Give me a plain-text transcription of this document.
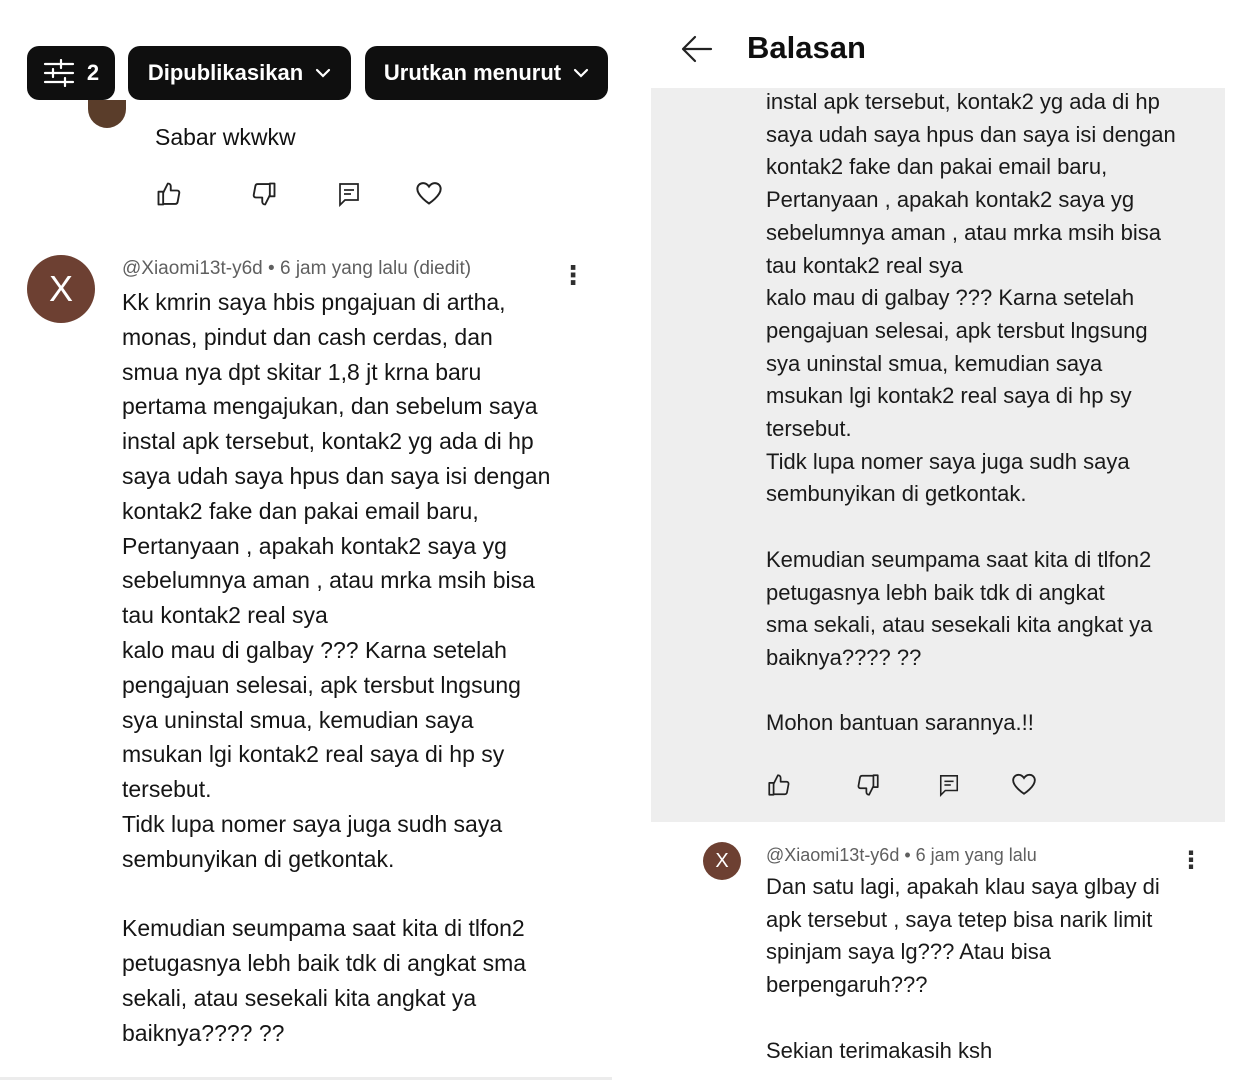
2 Dipublikasikan	Urutkan menurut
Sabar wkwkw
X	@Xiaomi13t-y6d • 6 jam yang lalu (diedit)	⋮
Kk kmrin saya hbis pngajuan di artha,
monas, pindut dan cash cerdas, dan
smua nya dpt skitar 1,8 jt krna baru
pertama mengajukan, dan sebelum saya
instal apk tersebut, kontak2 yg ada di hp
saya udah saya hpus dan saya isi dengan
kontak2 fake dan pakai email baru,
Pertanyaan , apakah kontak2 saya yg
sebelumnya aman , atau mrka msih bisa
tau kontak2 real sya
kalo mau di galbay ??? Karna setelah
pengajuan selesai, apk tersbut lngsung
sya uninstal smua, kemudian saya
msukan lgi kontak2 real saya di hp sy
tersebut.
Tidk lupa nomer saya juga sudh saya
sembunyikan di getkontak.

Kemudian seumpama saat kita di tlfon2
petugasnya lebh baik tdk di angkat sma
sekali, atau sesekali kita angkat ya
baiknya???? ??
Balasan
instal apk tersebut, kontak2 yg ada di hp
saya udah saya hpus dan saya isi dengan
kontak2 fake dan pakai email baru,
Pertanyaan , apakah kontak2 saya yg
sebelumnya aman , atau mrka msih bisa
tau kontak2 real sya
kalo mau di galbay ??? Karna setelah
pengajuan selesai, apk tersbut lngsung
sya uninstal smua, kemudian saya
msukan lgi kontak2 real saya di hp sy
tersebut.
Tidk lupa nomer saya juga sudh saya
sembunyikan di getkontak.

Kemudian seumpama saat kita di tlfon2
petugasnya lebh baik tdk di angkat
sma sekali, atau sesekali kita angkat ya
baiknya???? ??

Mohon bantuan sarannya.!!
X @Xiaomi13t-y6d • 6 jam yang lalu	⋮
Dan satu lagi, apakah klau saya glbay di
apk tersebut , saya tetep bisa narik limit
spinjam saya lg??? Atau bisa
berpengaruh???

Sekian terimakasih ksh
